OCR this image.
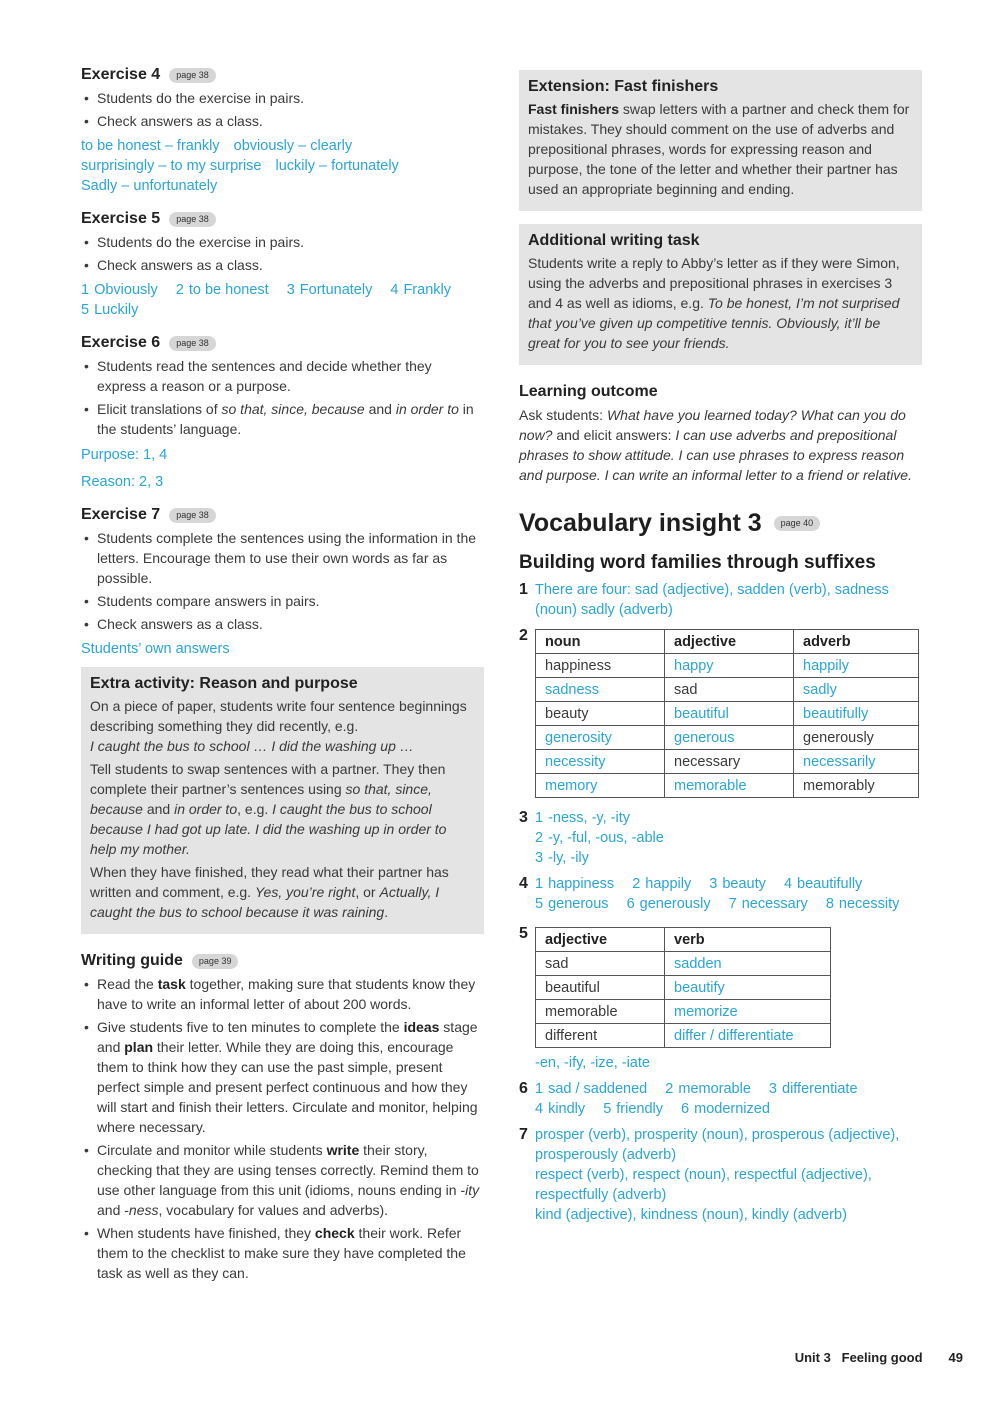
Exercise 4	page 38
• Students do the exercise in pairs.
• Check answers as a class.
to be honest – frankly obviously – clearly
surprisingly – to my surprise luckily – fortunately
Sadly – unfortunately
Exercise 5	page 38
• Students do the exercise in pairs.
• Check answers as a class.
1 Obviously 2 to be honest 3 Fortunately 4 Frankly
5 Luckily
Exercise 6	page 38
• Students read the sentences and decide whether they express a reason or a purpose.
• Elicit translations of so that, since, because and in order to in the students’ language.
Purpose: 1, 4
Reason: 2, 3
Exercise 7	page 38
• Students complete the sentences using the information in the letters. Encourage them to use their own words as far as possible.
• Students compare answers in pairs.
• Check answers as a class.
Students’ own answers
Extra activity: Reason and purpose

On a piece of paper, students write four sentence beginnings describing something they did recently, e.g.
I caught the bus to school … I did the washing up …

Tell students to swap sentences with a partner. They then complete their partner’s sentences using so that, since, because and in order to, e.g. I caught the bus to school because I had got up late. I did the washing up in order to help my mother.

When they have finished, they read what their partner has written and comment, e.g. Yes, you’re right, or Actually, I caught the bus to school because it was raining.

Writing guide	page 39
• Read the task together, making sure that students know they have to write an informal letter of about 200 words.
• Give students five to ten minutes to complete the ideas stage and plan their letter. While they are doing this, encourage them to think how they can use the past simple, present perfect simple and present perfect continuous and how they will start and finish their letters. Circulate and monitor, helping where necessary.
• Circulate and monitor while students write their story, checking that they are using tenses correctly. Remind them to use other language from this unit (idioms, nouns ending in -ity and -ness, vocabulary for values and adverbs).
• When students have finished, they check their work. Refer them to the checklist to make sure they have completed the task as well as they can.
Extension: Fast finishers

Fast finishers swap letters with a partner and check them for mistakes. They should comment on the use of adverbs and prepositional phrases, words for expressing reason and purpose, the tone of the letter and whether their partner has used an appropriate beginning and ending.

Additional writing task

Students write a reply to Abby’s letter as if they were Simon, using the adverbs and prepositional phrases in exercises 3 and 4 as well as idioms, e.g. To be honest, I’m not surprised that you’ve given up competitive tennis. Obviously, it’ll be great for you to see your friends.

Learning outcome

Ask students: What have you learned today? What can you do now? and elicit answers: I can use adverbs and prepositional phrases to show attitude. I can use phrases to express reason and purpose. I can write an informal letter to a friend or relative.

Vocabulary insight 3	page 40
Building word families through suffixes
1 There are four: sad (adjective), sadden (verb), sadness (noun) sadly (adverb)
2	noun	adjective	adverb
happiness	happy	happily
sadness	sad	sadly
beauty	beautiful	beautifully
generosity	generous	generously
necessity	necessary	necessarily
memory	memorable	memorably
3 1 -ness, -y, -ity
2 -y, -ful, -ous, -able
3 -ly, -ily
4 1 happiness 2 happily 3 beauty 4 beautifully
5 generous 6 generously 7 necessary 8 necessity
5	adjective	verb
sad	sadden
beautiful	beautify
memorable	memorize
different	differ / differentiate
-en, -ify, -ize, -iate
6 1 sad / saddened 2 memorable 3 differentiate
4 kindly 5 friendly 6 modernized
7 prosper (verb), prosperity (noun), prosperous (adjective), prosperously (adverb)
respect (verb), respect (noun), respectful (adjective), respectfully (adverb)
kind (adjective), kindness (noun), kindly (adverb)
Unit 3   Feeling good 49
